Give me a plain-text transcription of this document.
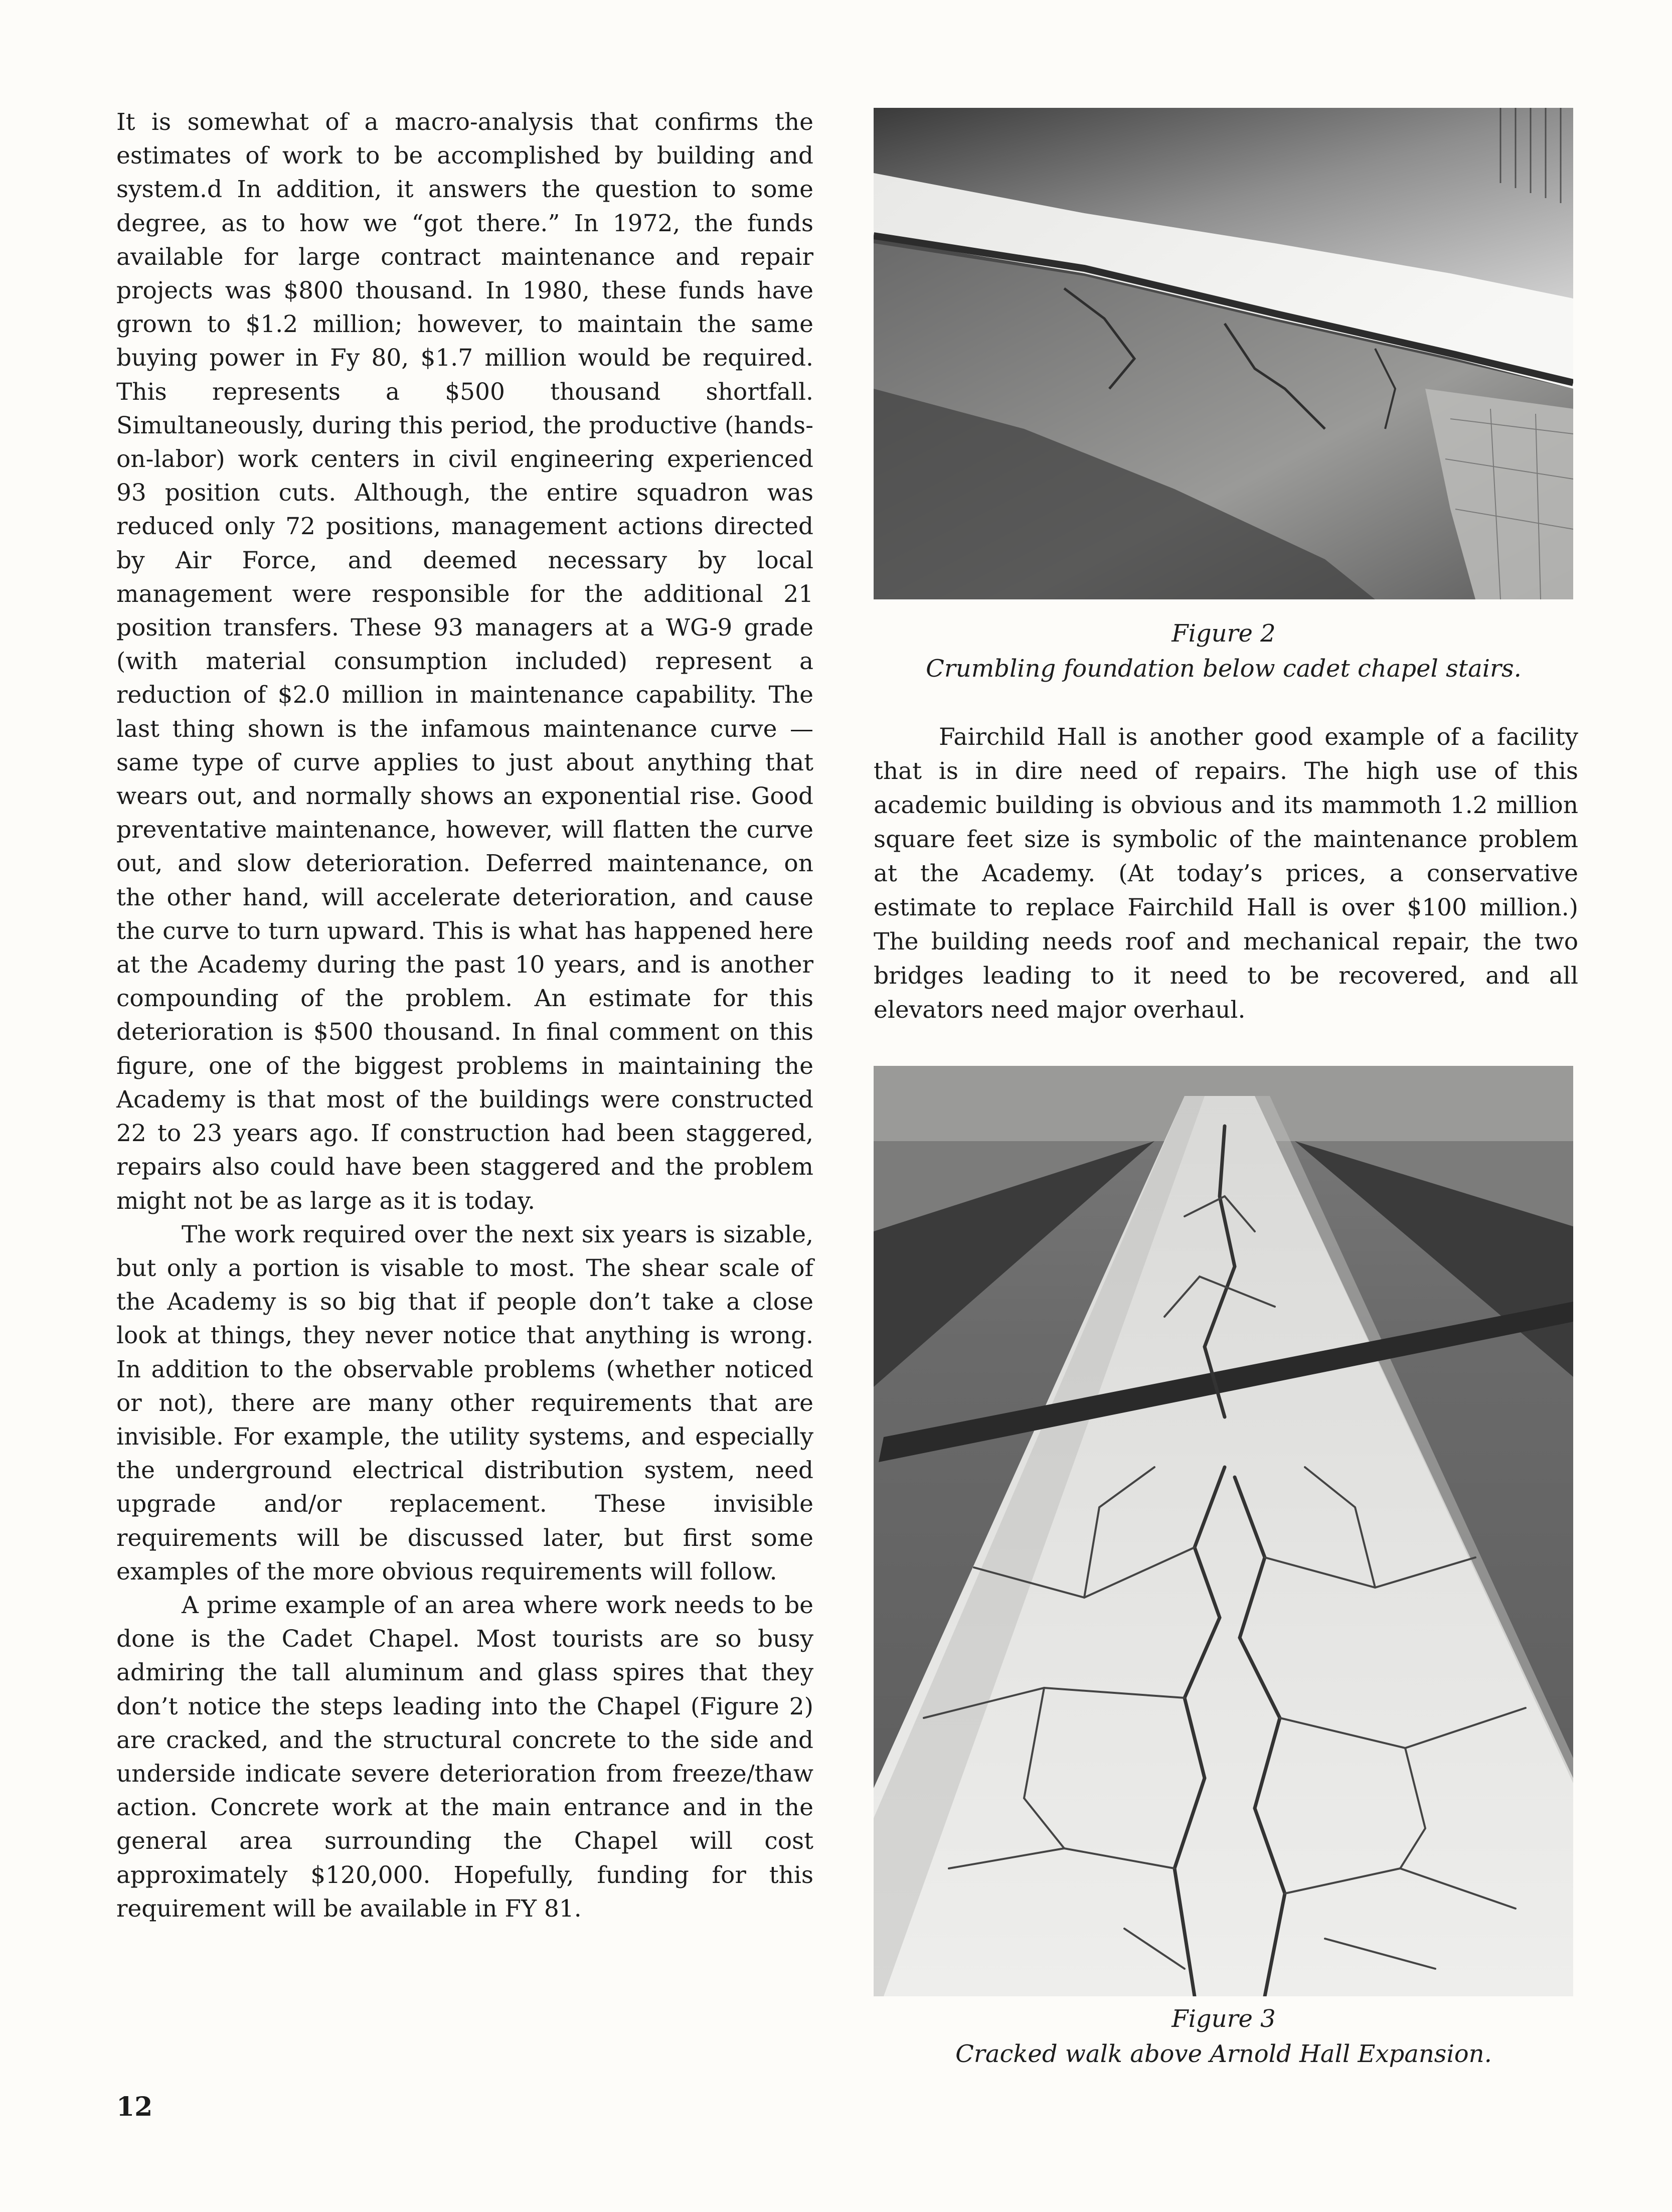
It is somewhat of a macro-analysis that confirms the estimates of work to be accomplished by building and system.d In addition, it answers the question to some degree, as to how we “got there.” In 1972, the funds available for large contract maintenance and repair projects was $800 thousand. In 1980, these funds have grown to $1.2 million; however, to maintain the same buying power in Fy 80, $1.7 million would be required. This represents a $500 thousand shortfall. Simultaneously, during this period, the productive (hands-on-labor) work centers in civil engineering experienced 93 position cuts. Although, the entire squadron was reduced only 72 positions, management actions directed by Air Force, and deemed necessary by local management were responsible for the additional 21 position transfers. These 93 managers at a WG-9 grade (with material consumption included) represent a reduction of $2.0 million in maintenance capability. The last thing shown is the infamous maintenance curve — same type of curve applies to just about anything that wears out, and normally shows an exponential rise. Good preventative maintenance, however, will flatten the curve out, and slow deterioration. Deferred maintenance, on the other hand, will accelerate deterioration, and cause the curve to turn upward. This is what has happened here at the Academy during the past 10 years, and is another compounding of the problem. An estimate for this deterioration is $500 thousand. In final comment on this figure, one of the biggest problems in maintaining the Academy is that most of the buildings were constructed 22 to 23 years ago. If construction had been staggered, repairs also could have been staggered and the problem might not be as large as it is today.

The work required over the next six years is sizable, but only a portion is visable to most. The shear scale of the Academy is so big that if people don’t take a close look at things, they never notice that anything is wrong. In addition to the observable problems (whether noticed or not), there are many other requirements that are invisible. For example, the utility systems, and especially the underground electrical distribution system, need upgrade and/or replacement. These invisible requirements will be discussed later, but first some examples of the more obvious requirements will follow.

A prime example of an area where work needs to be done is the Cadet Chapel. Most tourists are so busy admiring the tall aluminum and glass spires that they don’t notice the steps leading into the Chapel (Figure 2) are cracked, and the structural concrete to the side and underside indicate severe deterioration from freeze/thaw action. Concrete work at the main entrance and in the general area surrounding the Chapel will cost approximately $120,000. Hopefully, funding for this requirement will be available in FY 81.

Figure 2
Crumbling foundation below cadet chapel stairs.
Fairchild Hall is another good example of a facility that is in dire need of repairs. The high use of this academic building is obvious and its mammoth 1.2 million square feet size is symbolic of the maintenance problem at the Academy. (At today’s prices, a conservative estimate to replace Fairchild Hall is over $100 million.) The building needs roof and mechanical repair, the two bridges leading to it need to be recovered, and all elevators need major overhaul.
Figure 3
Cracked walk above Arnold Hall Expansion.
12
